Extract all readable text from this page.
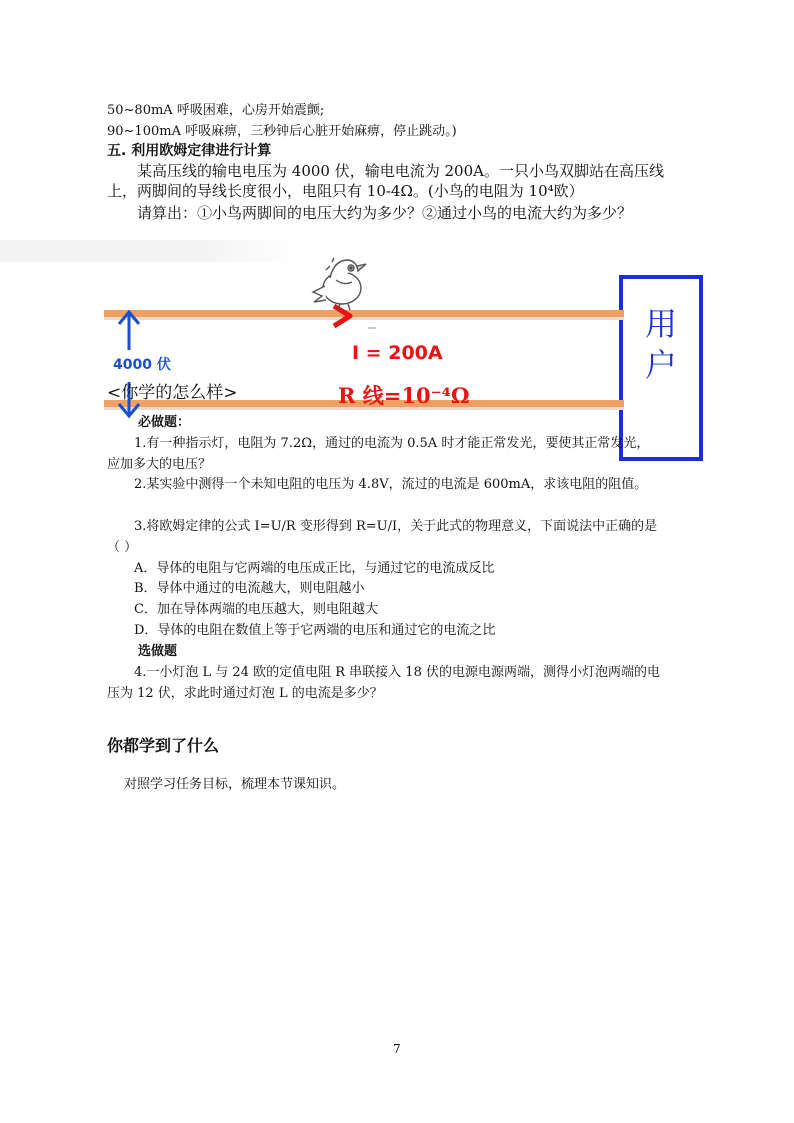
50~80mA 呼吸困难，心房开始震颤;
90~100mA 呼吸麻痹，三秒钟后心脏开始麻痹，停止跳动。)
五. 利用欧姆定律进行计算
某高压线的输电电压为 4000 伏，输电电流为 200A。一只小鸟双脚站在高压线
上，两脚间的导线长度很小，电阻只有 10-4Ω。(小鸟的电阻为 10⁴欧）
请算出：①小鸟两脚间的电压大约为多少？②通过小鸟的电流大约为多少？
4000 伏
I = 200A
R 线=10⁻⁴Ω
用
户
<你学的怎么样>
必做题：
1.有一种指示灯，电阻为 7.2Ω，通过的电流为 0.5A 时才能正常发光，要使其正常发光，
应加多大的电压？
2.某实验中测得一个未知电阻的电压为 4.8V，流过的电流是 600mA，求该电阻的阻值。
3.将欧姆定律的公式 I=U/R 变形得到 R=U/I，关于此式的物理意义，下面说法中正确的是
（ ）
A．导体的电阻与它两端的电压成正比，与通过它的电流成反比
B．导体中通过的电流越大，则电阻越小
C．加在导体两端的电压越大，则电阻越大
D．导体的电阻在数值上等于它两端的电压和通过它的电流之比
选做题
4.一小灯泡 L 与 24 欧的定值电阻 R 串联接入 18 伏的电源电源两端，测得小灯泡两端的电
压为 12 伏，求此时通过灯泡 L 的电流是多少？
你都学到了什么
对照学习任务目标，梳理本节课知识。
7
